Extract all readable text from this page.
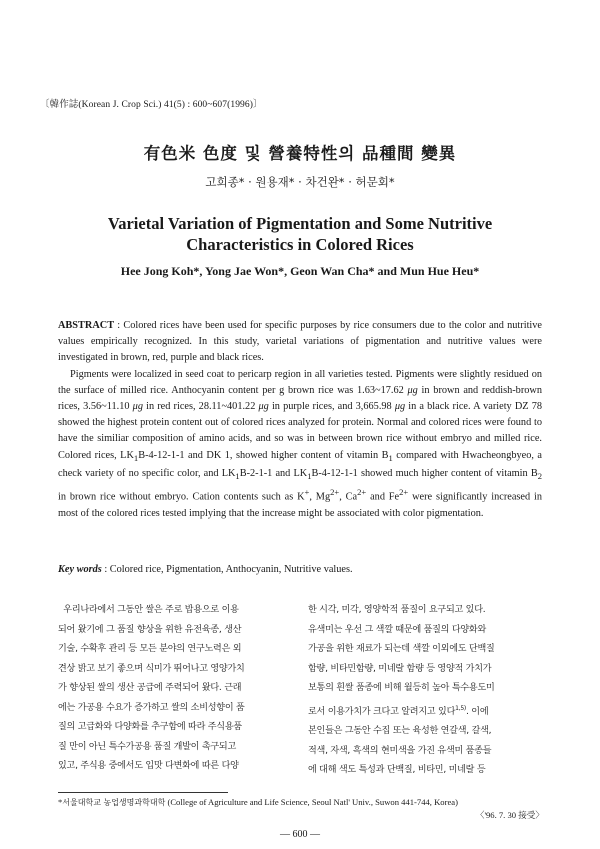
〔韓作誌(Korean J. Crop Sci.) 41(5) : 600~607(1996)〕
有色米 色度 및 營養特性의 品種間 變異
고희종* · 원용재* · 차건완* · 허문회*
Varietal Variation of Pigmentation and Some Nutritive
Characteristics in Colored Rices
Hee Jong Koh*, Yong Jae Won*, Geon Wan Cha* and Mun Hue Heu*

ABSTRACT : Colored rices have been used for specific purposes by rice consumers due to the color and nutritive values empirically recognized. In this study, varietal variations of pigmentation and nutritive values were investigated in brown, red, purple and black rices.

Pigments were localized in seed coat to pericarp region in all varieties tested. Pigments were slightly residued on the surface of milled rice. Anthocyanin content per g brown rice was 1.63~17.62 μg in brown and reddish-brown rices, 3.56~11.10 μg in red rices, 28.11~401.22 μg in purple rices, and 3,665.98 μg in a black rice. A variety DZ 78 showed the highest protein content out of colored rices analyzed for protein. Normal and colored rices were found to have the similiar composition of amino acids, and so was in between brown rice without embryo and milled rice. Colored rices, $LK_1B-4-12-1-1$ and DK 1, showed higher content of vitamin $B_1$ compared with Hwacheongbyeo, a check variety of no specific color, and $LK_1B-2-1-1$ and $LK_1B-4-12-1-1$ showed much higher content of vitamin $B_2$ in brown rice without embryo. Cation contents such as K+, $Mg^{2+}$, $Ca^{2+}$ and $Fe^{2+}$ were significantly increased in most of the colored rices tested implying that the increase might be associated with color pigmentation.

Key words : Colored rice, Pigmentation, Anthocyanin, Nutritive values.
우리나라에서 그동안 쌀은 주로 밥용으로 이용
되어 왔기에 그 품질 향상을 위한 유전육종, 생산
기술, 수확후 관리 등 모든 분야의 연구노력은 외
견상 밝고 보기 좋으며 식미가 뛰어나고 영양가치
가 향상된 쌀의 생산 공급에 주력되어 왔다. 근래
에는 가공용 수요가 증가하고 쌀의 소비성향이 품
질의 고급화와 다양화를 추구함에 따라 주식용품
질 만이 아닌 특수가공용 품질 개발이 촉구되고
있고, 주식용 중에서도 입맛 다변화에 따른 다양
한 시각, 미각, 영양학적 품질이 요구되고 있다.
유색미는 우선 그 색깔 때문에 품질의 다양화와
가공을 위한 재료가 되는데 색깔 이외에도 단백질
함량, 비타민함량, 미네랄 함량 등 영양적 가치가
보통의 흰쌀 품종에 비해 월등히 높아 특수용도미
로서 이용가치가 크다고 알려지고 있다$^{1,5)}$. 이에
본인들은 그동안 수집 또는 육성한 연갈색, 갈색,
적색, 자색, 흑색의 현미색을 가진 유색미 품종들
에 대해 색도 특성과 단백질, 비타민, 미네랄 등
*서울대학교 농업생명과학대학 (College of Agriculture and Life Science, Seoul Natl' Univ., Suwon 441-744, Korea)
〈'96. 7. 30 接受〉
— 600 —
